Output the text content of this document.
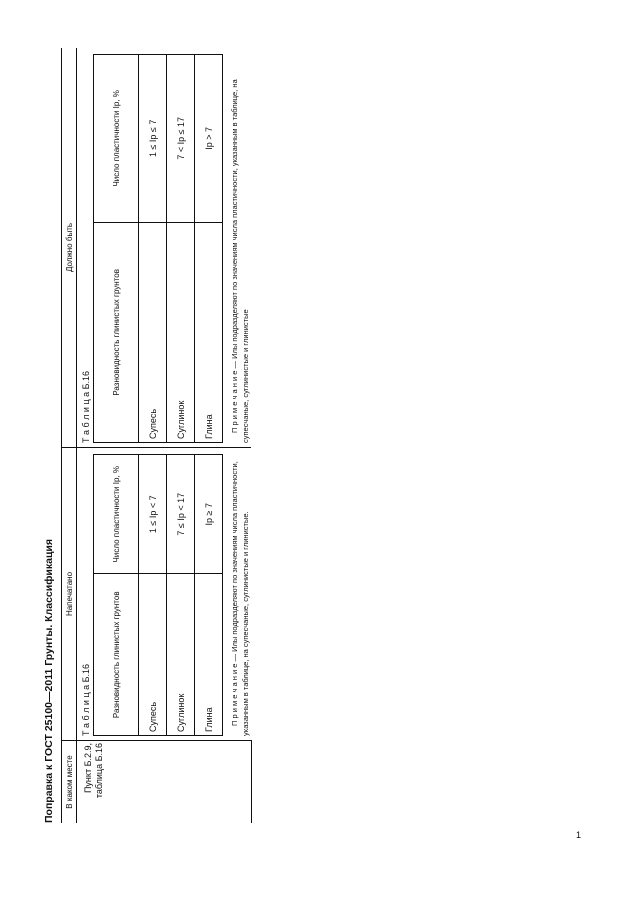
Поправка к ГОСТ 25100—2011 Грунты. Классификация В каком месте	Напечатано	Должно быть
Пункт Б.2.9, таблица Б.16	
Т а б л и ц а Б.16	Разновидность глинистых грунтов	Число пластичности Iр, %
Супесь	1 ≤ Iр < 7
Суглинок	7 ≤ Iр < 17
Глина	Iр ≥ 7
П р и м е ч а н и е — Илы подразделяют по значениям числа пластичности, указанным в таблице, на супесчаные, суглинистые и глинистые.

Т а б л и ц а Б.16	Разновидность глинистых грунтов	Число пластичности Iр, %
Супесь	1 ≤ Iр ≤ 7
Суглинок	7 < Iр ≤ 17
Глина	Iр > 7
П р и м е ч а н и е — Илы подразделяют по значениям числа пластичности, указанным в таблице, на супесчаные, суглинистые и глинистые
1
